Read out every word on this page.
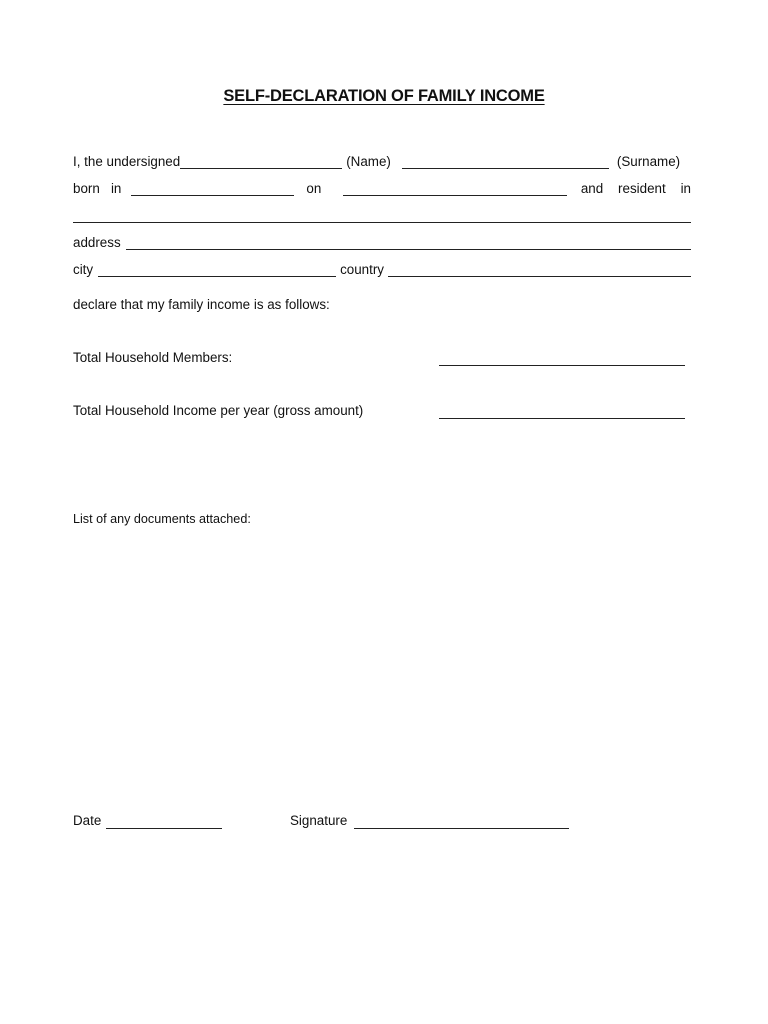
SELF-DECLARATION OF FAMILY INCOME
I, the undersigned	(Name)	(Surname)
born   in	on	and    resident    in
address
city	country
declare that my family income is as follows:
Total Household Members:
Total Household Income per year (gross amount)
List of any documents attached:
Date	Signature
